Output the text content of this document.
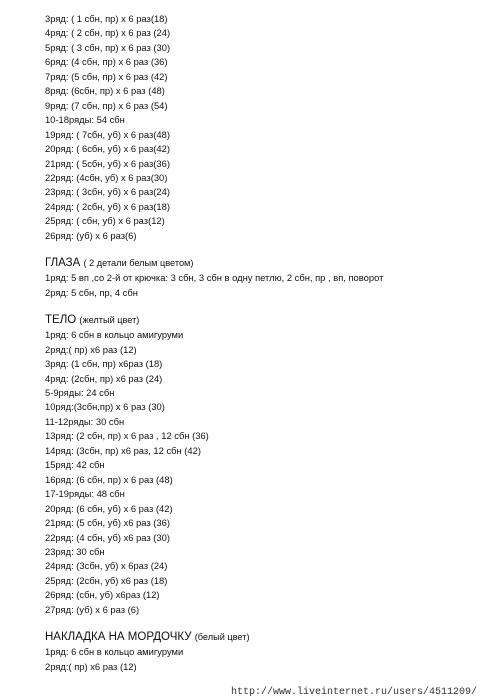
3ряд: ( 1 сбн, пр) х 6 раз(18)
4ряд: ( 2 сбн, пр) х 6 раз (24)
5ряд: ( 3 сбн, пр) х 6 раз (30)
6ряд: (4 сбн, пр) х 6 раз (36)
7ряд: (5 сбн, пр) х 6 раз (42)
8ряд: (6сбн, пр) х 6 раз (48)
9ряд: (7 сбн, пр) х 6 раз (54)
10-18ряды: 54 сбн
19ряд: ( 7сбн, уб) х 6 раз(48)
20ряд: ( 6сбн, уб) х 6 раз(42)
21ряд: ( 5сбн, уб) х 6 раз(36)
22ряд: (4сбн, уб) х 6 раз(30)
23ряд: ( 3сбн, уб) х 6 раз(24)
24ряд: ( 2сбн, уб) х 6 раз(18)
25ряд: ( сбн, уб) х 6 раз(12)
26ряд: (уб) х 6 раз(6)
ГЛАЗА ( 2 детали белым цветом)
1ряд: 5 вп ,со 2-й от крючка: 3 сбн, 3 сбн в одну петлю, 2 сбн, пр , вп, поворот
2ряд: 5 сбн, пр, 4 сбн
ТЕЛО (желтый цвет)
1ряд: 6 сбн в кольцо амигуруми
2ряд:( пр) х6 раз (12)
3ряд: (1 сбн, пр) х6раз (18)
4ряд: (2сбн, пр) х6 раз (24)
5-9ряды: 24 сбн
10ряд:(3сбн,пр) х 6 раз (30)
11-12ряды: 30 сбн
13ряд: (2 сбн, пр) х 6 раз , 12 сбн (36)
14ряд: (3сбн, пр) х6 раз, 12 сбн (42)
15ряд: 42 сбн
16ряд: (6 сбн, пр) х 6 раз (48)
17-19ряды: 48 сбн
20ряд: (6 сбн, уб) х 6 раз (42)
21ряд: (5 сбн, уб) х6 раз (36)
22ряд: (4 сбн, уб) х6 раз (30)
23ряд: 30 сбн
24ряд: (3сбн, уб) х 6раз (24)
25ряд: (2сбн, уб) х6 раз (18)
26ряд: (сбн, уб) х6раз (12)
27ряд: (уб) х 6 раз (6)
НАКЛАДКА НА МОРДОЧКУ (белый цвет)
1ряд: 6 сбн в кольцо амигуруми
2ряд:( пр) х6 раз (12)
http://www.liveinternet.ru/users/4511209/
